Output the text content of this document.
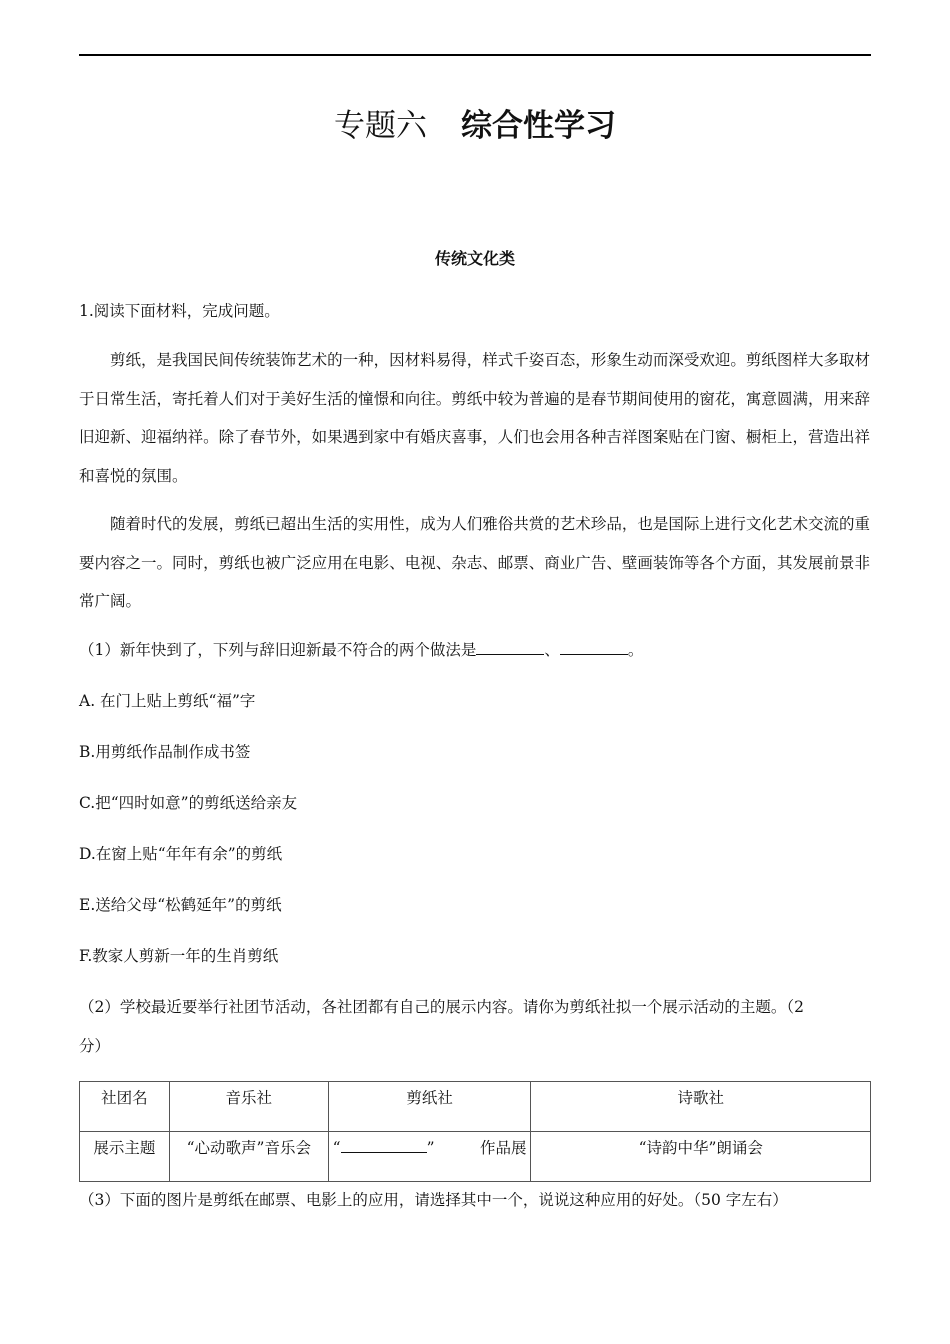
专题六 综合性学习
传统文化类
1.阅读下面材料，完成问题。
剪纸，是我国民间传统装饰艺术的一种，因材料易得，样式千姿百态，形象生动而深受欢迎。剪纸图样大多取材于日常生活，寄托着人们对于美好生活的憧憬和向往。剪纸中较为普遍的是春节期间使用的窗花，寓意圆满，用来辞旧迎新、迎福纳祥。除了春节外，如果遇到家中有婚庆喜事，人们也会用各种吉祥图案贴在门窗、橱柜上，营造出祥和喜悦的氛围。
随着时代的发展，剪纸已超出生活的实用性，成为人们雅俗共赏的艺术珍品，也是国际上进行文化艺术交流的重要内容之一。同时，剪纸也被广泛应用在电影、电视、杂志、邮票、商业广告、壁画装饰等各个方面，其发展前景非常广阔。
（1）新年快到了，下列与辞旧迎新最不符合的两个做法是	、	。
A. 在门上贴上剪纸“福”字
B.用剪纸作品制作成书签
C.把“四时如意”的剪纸送给亲友
D.在窗上贴“年年有余”的剪纸
E.送给父母“松鹤延年”的剪纸
F.教家人剪新一年的生肖剪纸
（2）学校最近要举行社团节活动，各社团都有自己的展示内容。请你为剪纸社拟一个展示活动的主题。（2
分）
社团名	音乐社	剪纸社	诗歌社
展示主题	“心动歌声”音乐会	“ ” 作品展	“诗韵中华”朗诵会
（3）下面的图片是剪纸在邮票、电影上的应用，请选择其中一个，说说这种应用的好处。（50 字左右）
